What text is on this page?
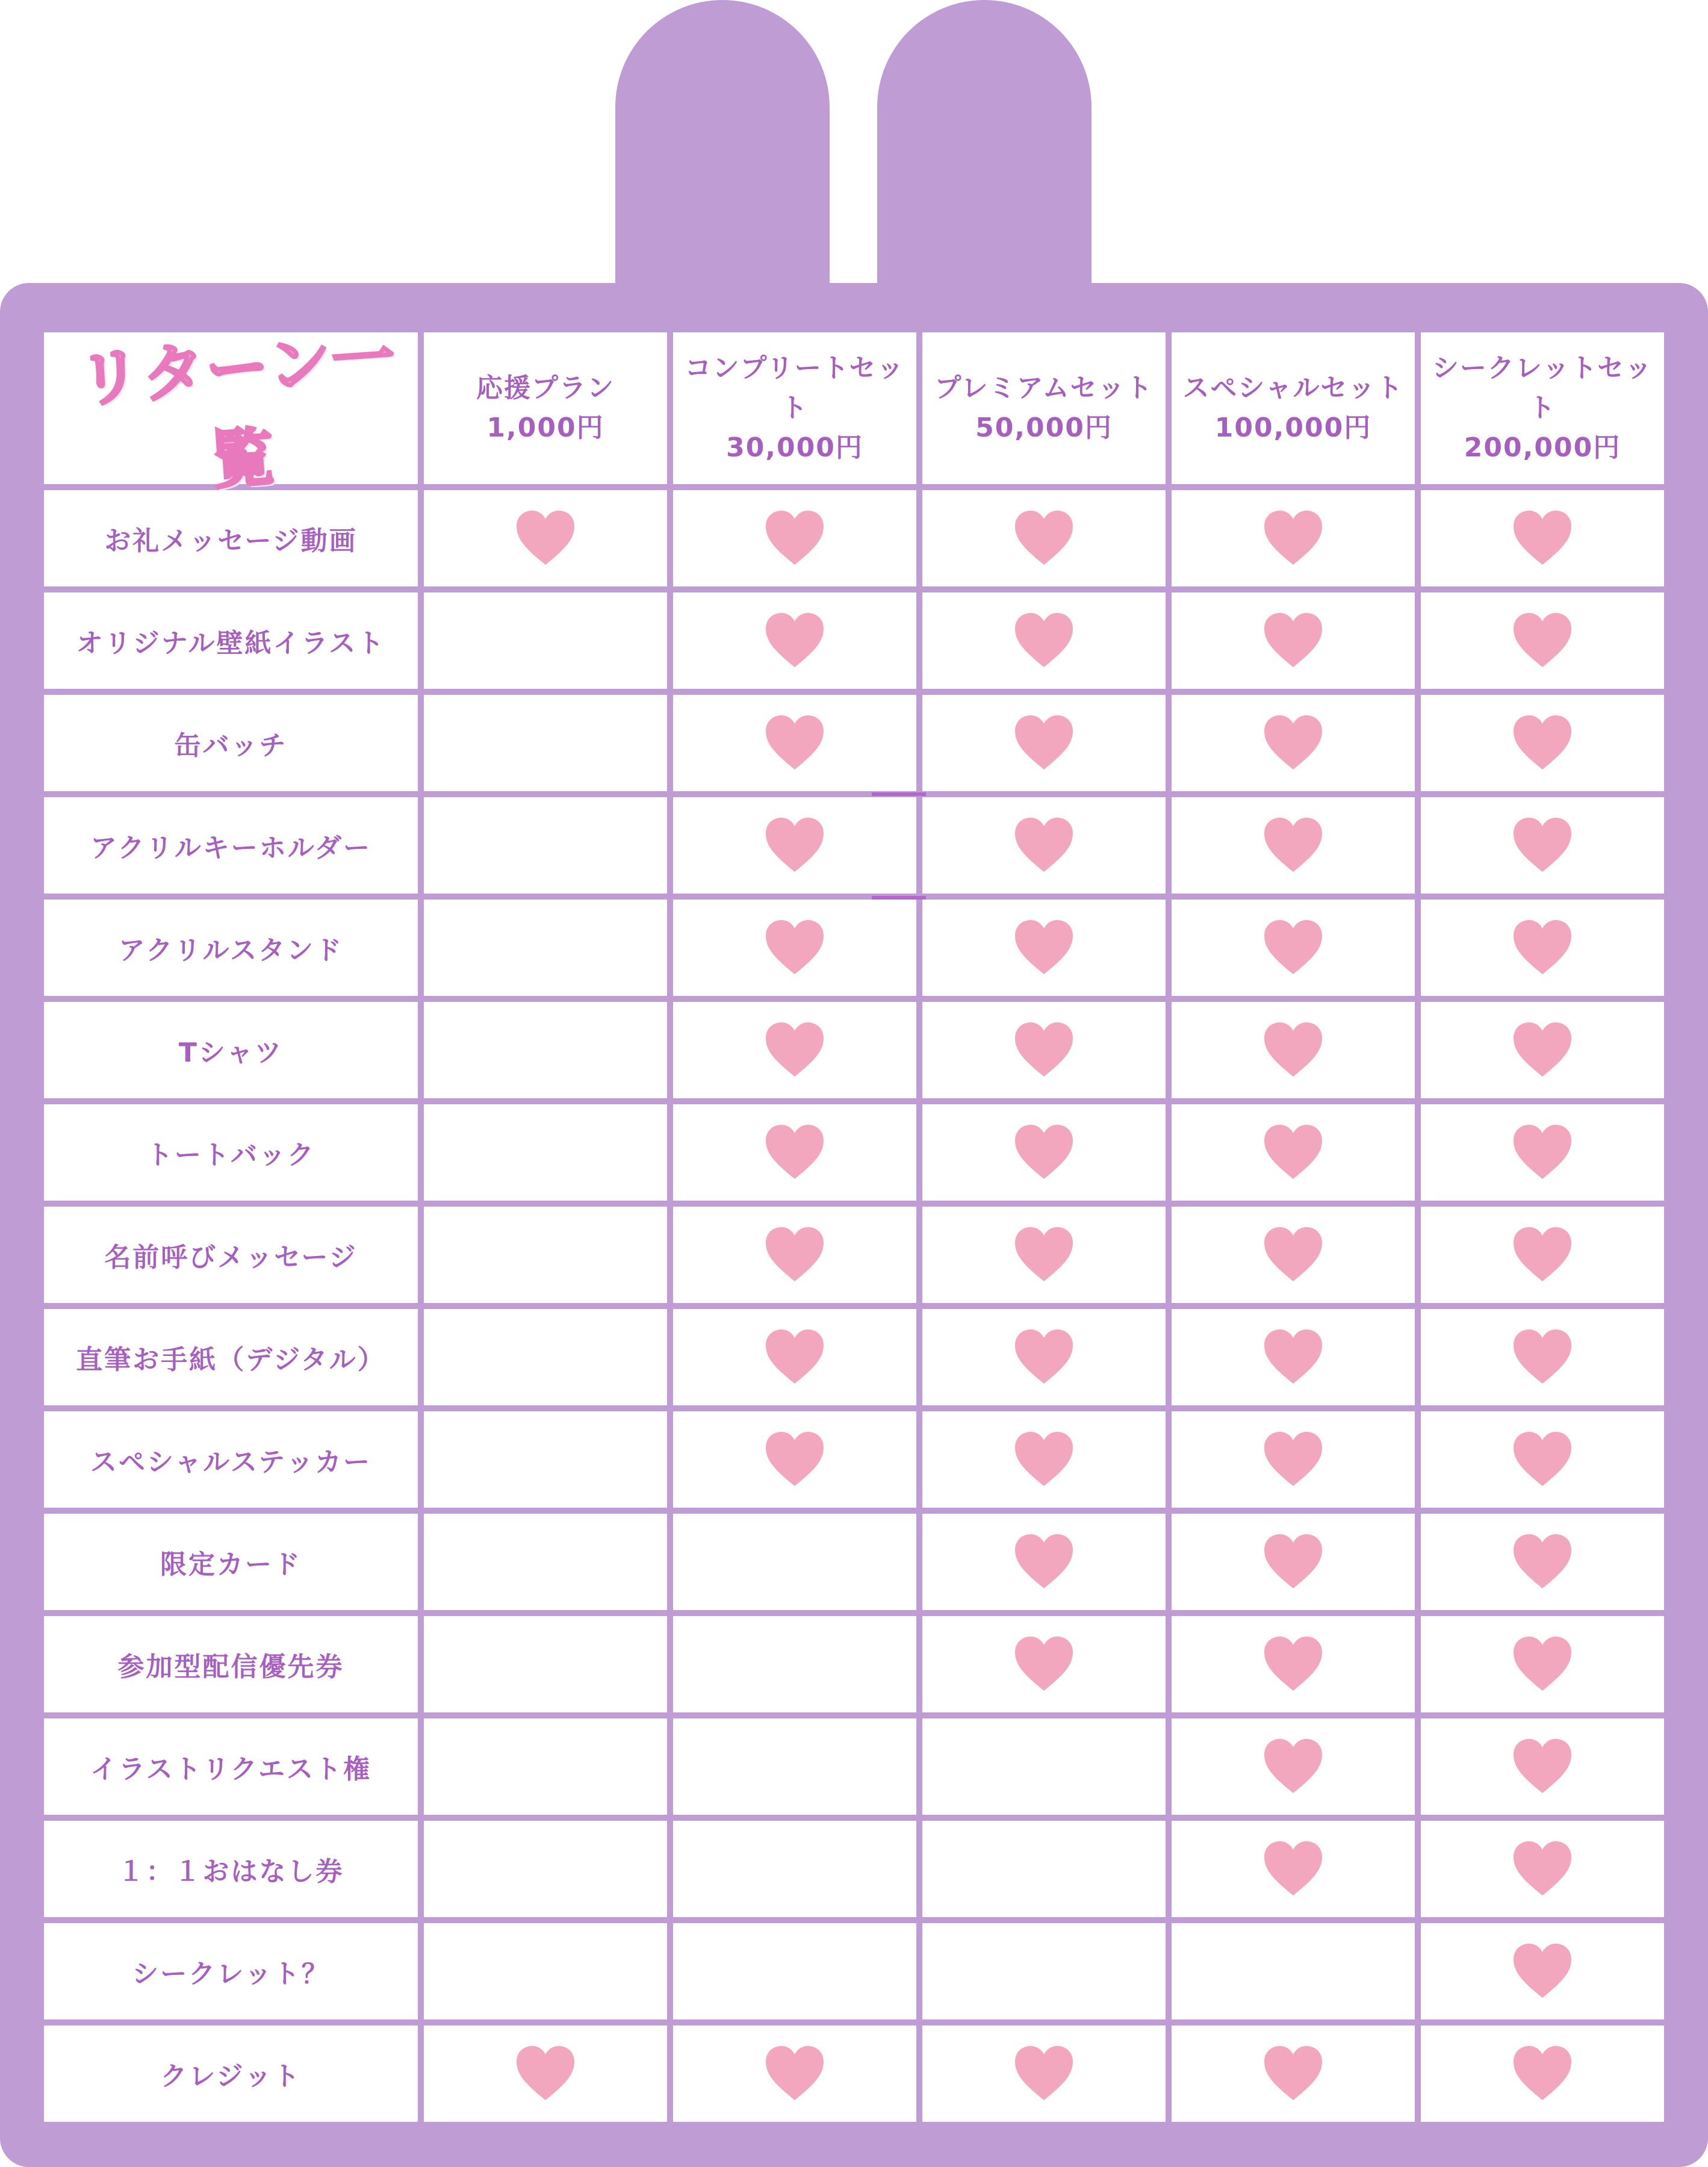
リターン一覧
応援プラン
1,000円
コンプリートセット
30,000円
プレミアムセット
50,000円
スペシャルセット
100,000円
シークレットセット
200,000円
お礼メッセージ動画
オリジナル壁紙イラスト
缶バッチ
アクリルキーホルダー
アクリルスタンド
Tシャツ
トートバック
名前呼びメッセージ
直筆お手紙（デジタル）
スペシャルステッカー
限定カード
参加型配信優先券
イラストリクエスト権
１：１おはなし券
シークレット？
クレジット
